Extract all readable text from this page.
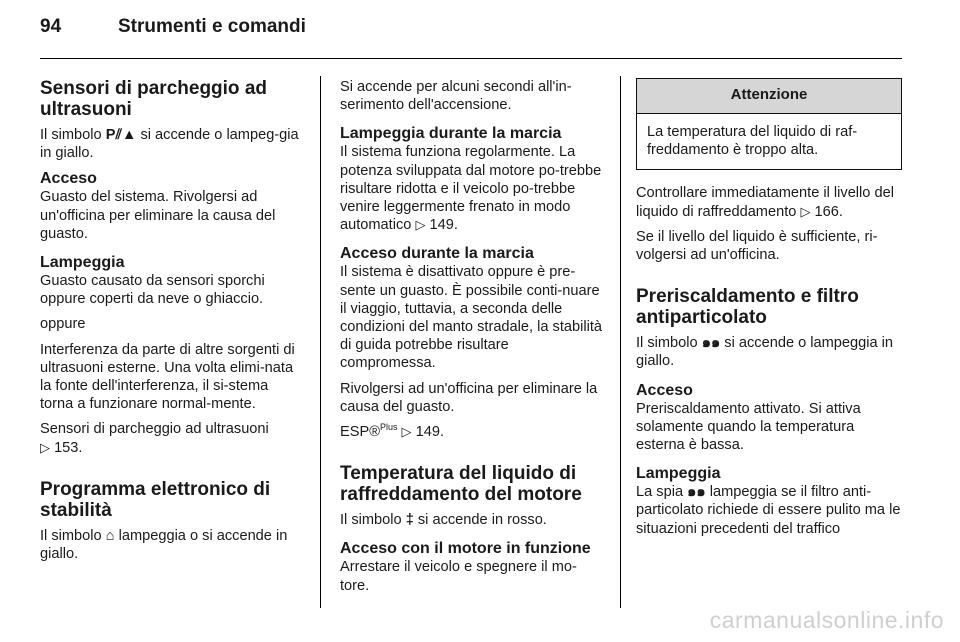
94	Strumenti e comandi
Sensori di parcheggio ad ultrasuoni

Il simbolo P⫽▲ si accende o lampeg-gia in giallo.

Acceso

Guasto del sistema. Rivolgersi ad un'officina per eliminare la causa del guasto.

Lampeggia

Guasto causato da sensori sporchi oppure coperti da neve o ghiaccio.

oppure

Interferenza da parte di altre sorgenti di ultrasuoni esterne. Una volta elimi-nata la fonte dell'interferenza, il si-stema torna a funzionare normal-mente.

Sensori di parcheggio ad ultrasuoni
▷ 153.

Programma elettronico di stabilità

Il simbolo ⌂ lampeggia o si accende in giallo.

Si accende per alcuni secondi all'in-serimento dell'accensione.

Lampeggia durante la marcia

Il sistema funziona regolarmente. La potenza sviluppata dal motore po-trebbe risultare ridotta e il veicolo po-trebbe venire leggermente frenato in modo automatico ▷ 149.

Acceso durante la marcia

Il sistema è disattivato oppure è pre-sente un guasto. È possibile conti-nuare il viaggio, tuttavia, a seconda delle condizioni del manto stradale, la stabilità di guida potrebbe risultare compromessa.

Rivolgersi ad un'officina per eliminare la causa del guasto.

ESP®$^{Plus}$ ▷ 149.

Temperatura del liquido di raffreddamento del motore

Il simbolo ‡ si accende in rosso.

Acceso con il motore in funzione

Arrestare il veicolo e spegnere il mo-tore.

Attenzione
La temperatura del liquido di raf-freddamento è troppo alta.

Controllare immediatamente il livello del liquido di raffreddamento ▷ 166.

Se il livello del liquido è sufficiente, ri-volgersi ad un'officina.

Preriscaldamento e filtro antiparticolato

Il simbolo ๑๑ si accende o lampeggia in giallo.

Acceso

Preriscaldamento attivato. Si attiva solamente quando la temperatura esterna è bassa.

Lampeggia

La spia ๑๑ lampeggia se il filtro anti-particolato richiede di essere pulito ma le situazioni precedenti del traffico

carmanualsonline.info
